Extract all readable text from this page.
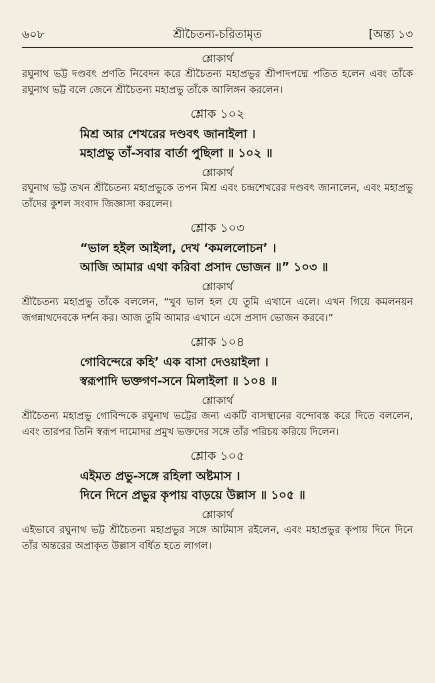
৬০৮	শ্রীচৈতন্য-চরিতামৃত	[অন্ত্য ১৩
শ্লোকার্থ

রঘুনাথ ভট্ট দণ্ডবৎ প্রণতি নিবেদন করে শ্রীচৈতন্য মহাপ্রভুর শ্রীপাদপদ্মে পতিত হলেন এবং তাঁকে রঘুনাথ ভট্ট বলে জেনে শ্রীচৈতন্য মহাপ্রভু তাঁকে আলিঙ্গন করলেন।

শ্লোক ১০২
মিশ্র আর শেখরের দণ্ডবৎ জানাইলা ।
মহাপ্রভু তাঁ-সবার বার্তা পুছিলা ॥ ১০২ ॥
শ্লোকার্থ

রঘুনাথ ভট্ট তখন শ্রীচৈতন্য মহাপ্রভুকে তপন মিশ্র এবং চন্দ্রশেখরের দণ্ডবৎ জানালেন, এবং মহাপ্রভু তাঁদের কুশল সংবাদ জিজ্ঞাসা করলেন।

শ্লোক ১০৩
“ভাল হইল আইলা, দেখ ‘কমললোচন’ ।
আজি আমার এথা করিবা প্রসাদ ভোজন ॥” ১০৩ ॥
শ্লোকার্থ

শ্রীচৈতন্য মহাপ্রভু তাঁকে বললেন, “খুব ভাল হল যে তুমি এখানে এলে। এখন গিয়ে কমলনয়ন জগন্নাথদেবকে দর্শন কর। আজ তুমি আমার এখানে এসে প্রসাদ ভোজন করবে।”

শ্লোক ১০৪
গোবিন্দেরে কহি’ এক বাসা দেওয়াইলা ।
স্বরূপাদি ভক্তগণ-সনে মিলাইলা ॥ ১০৪ ॥
শ্লোকার্থ

শ্রীচৈতন্য মহাপ্রভু গোবিন্দকে রঘুনাথ ভট্টের জন্য একটি বাসস্থানের বন্দোবস্ত করে দিতে বললেন, এবং তারপর তিনি স্বরূপ দামোদর প্রমুখ ভক্তদের সঙ্গে তাঁর পরিচয় করিয়ে দিলেন।

শ্লোক ১০৫
এইমত প্রভু-সঙ্গে রহিলা অষ্টমাস ।
দিনে দিনে প্রভুর কৃপায় বাড়য়ে উল্লাস ॥ ১০৫ ॥
শ্লোকার্থ

এইভাবে রঘুনাথ ভট্ট শ্রীচৈতন্য মহাপ্রভুর সঙ্গে আটমাস রইলেন, এবং মহাপ্রভুর কৃপায় দিনে দিনে তাঁর অন্তরের অপ্রাকৃত উল্লাস বর্ধিত হতে লাগল।
